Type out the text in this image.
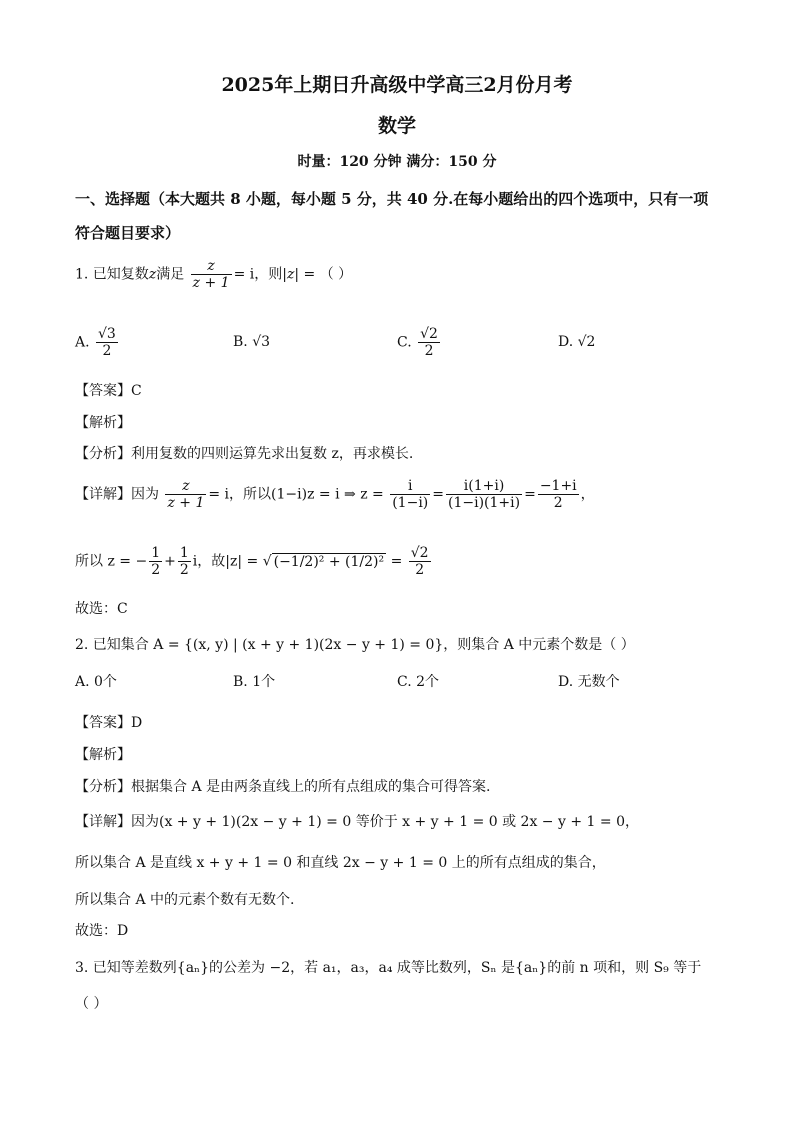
2025年上期日升高级中学高三2月份月考
数学
时量：120 分钟 满分：150 分
一、选择题（本大题共 8 小题，每小题 5 分，共 40 分.在每小题给出的四个选项中，只有一项
符合题目要求）
1. 已知复数z满足 $\frac{z}{z + 1} = i$，则|z| = （ ）
A. $\frac{√3}{2}$	B. √3	C. $\frac{√2}{2}$	D. √2
【答案】C
【解析】
【分析】利用复数的四则运算先求出复数 z，再求模长.
【详解】因为 $\frac{z}{z + 1} = i$，所以(1−i)z = i ⇒ $z = \frac{i}{(1-i)} = \frac{i(1+i)}{(1-i)(1+i)} = \frac{-1+i}{2}$ ，
所以 z = − $\frac{1}{2} + \frac{1}{2}$ i，故|z| = √ $(-1/2)^2 + (1/2)^2 = \frac{√2}{2}$
故选：C
2. 已知集合 A = {(x, y) | (x + y + 1)(2x − y + 1) = 0}，则集合 A 中元素个数是（ ）
A. 0个	B. 1个	C. 2个	D. 无数个
【答案】D
【解析】
【分析】根据集合 A 是由两条直线上的所有点组成的集合可得答案.
【详解】因为(x + y + 1)(2x − y + 1) = 0 等价于 x + y + 1 = 0 或 2x − y + 1 = 0，
所以集合 A 是直线 x + y + 1 = 0 和直线 2x − y + 1 = 0 上的所有点组成的集合，
所以集合 A 中的元素个数有无数个.
故选：D
3. 已知等差数列{aₙ}的公差为 −2，若 a₁，a₃，a₄ 成等比数列，Sₙ 是{aₙ}的前 n 项和，则 S₉ 等于
（ ）
